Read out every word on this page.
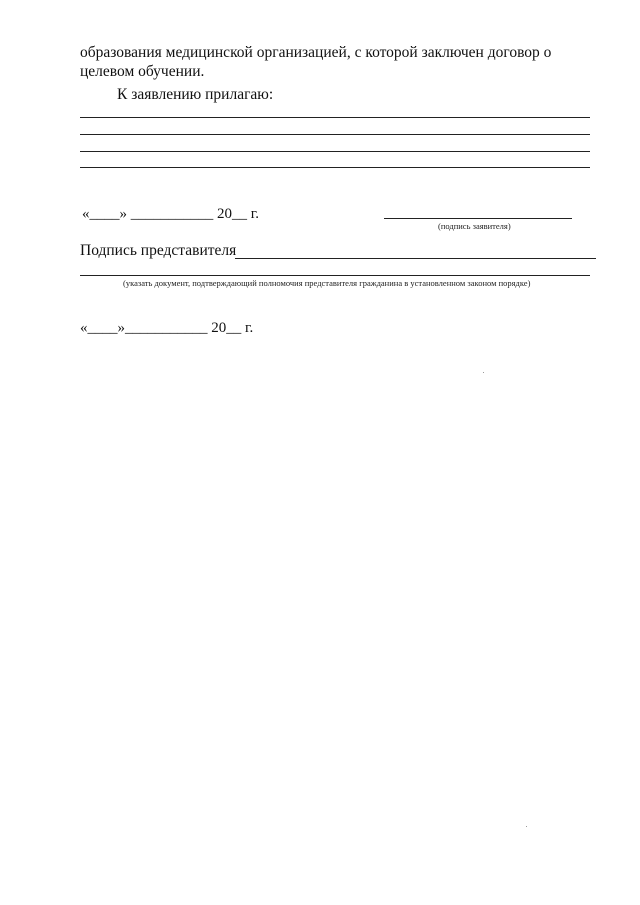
образования медицинской организацией, с которой заключен договор о
целевом обучении.
К заявлению прилагаю:
«____» ___________ 20__ г.
(подпись заявителя)
Подпись представителя
(указать документ, подтверждающий полномочия представителя гражданина в установленном законом порядке)
«____»___________ 20__ г.
